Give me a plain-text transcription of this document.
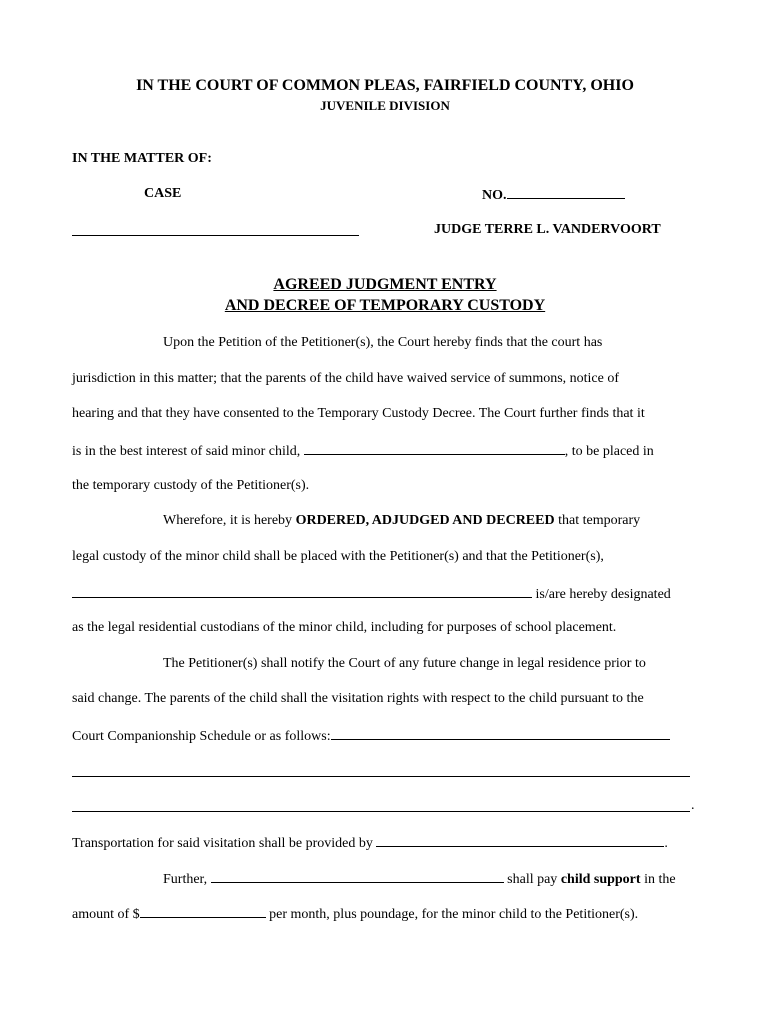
IN THE COURT OF COMMON PLEAS, FAIRFIELD COUNTY, OHIO
JUVENILE DIVISION
IN THE MATTER OF:
CASE	NO.
JUDGE TERRE L. VANDERVOORT
AGREED JUDGMENT ENTRY
AND DECREE OF TEMPORARY CUSTODY
Upon the Petition of the Petitioner(s), the Court hereby finds that the court has
jurisdiction in this matter; that the parents of the child have waived service of summons, notice of
hearing and that they have consented to the Temporary Custody Decree. The Court further finds that it
is in the best interest of said minor child,	, to be placed in
the temporary custody of the Petitioner(s).
Wherefore, it is hereby ORDERED, ADJUDGED AND DECREED that temporary
legal custody of the minor child shall be placed with the Petitioner(s) and that the Petitioner(s),
is/are hereby designated
as the legal residential custodians of the minor child, including for purposes of school placement.
The Petitioner(s) shall notify the Court of any future change in legal residence prior to
said change. The parents of the child shall the visitation rights with respect to the child pursuant to the
Court Companionship Schedule or as follows:
.
Transportation for said visitation shall be provided by	.
Further,	shall pay child support in the
amount of $	per month, plus poundage, for the minor child to the Petitioner(s).
